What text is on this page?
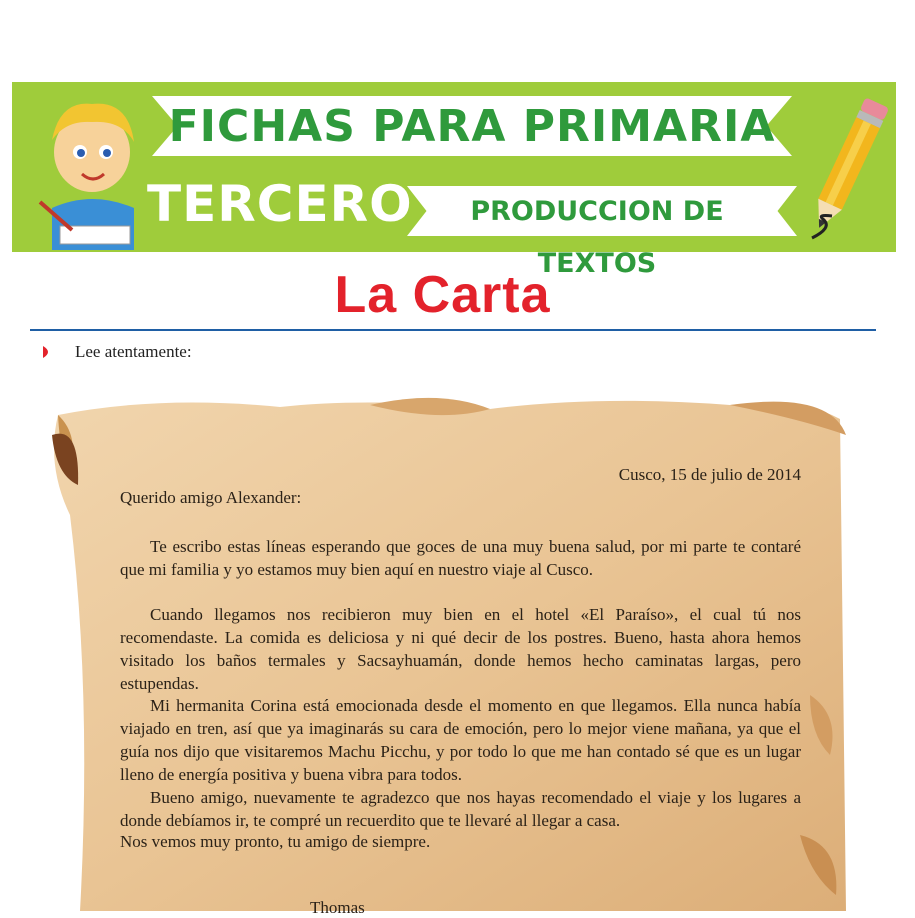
FICHAS PARA PRIMARIA
TERCERO	PRODUCCION DE TEXTOS
La Carta
Lee atentamente:
Cusco, 15 de julio de 2014
Querido amigo Alexander:

Te escribo estas líneas esperando que goces de una muy buena salud, por mi parte te contaré que mi familia y yo estamos muy bien aquí en nuestro viaje al Cusco.

Cuando llegamos nos recibieron muy bien en el hotel «El Paraíso», el cual tú nos recomendaste. La comida es deliciosa y ni qué decir de los postres. Bueno, hasta ahora hemos visitado los baños termales y Sacsayhuamán, donde hemos hecho caminatas largas, pero estupendas.

Mi hermanita Corina está emocionada desde el momento en que llegamos. Ella nunca había viajado en tren, así que ya imaginarás su cara de emoción, pero lo mejor viene mañana, ya que el guía nos dijo que visitaremos Machu Picchu, y por todo lo que me han contado sé que es un lugar lleno de energía positiva y buena vibra para todos.

Bueno amigo, nuevamente te agradezco que nos hayas recomendado el viaje y los lugares a donde debíamos ir, te compré un recuerdito que te llevaré al llegar a casa.

Nos vemos muy pronto, tu amigo de siempre.
Thomas
